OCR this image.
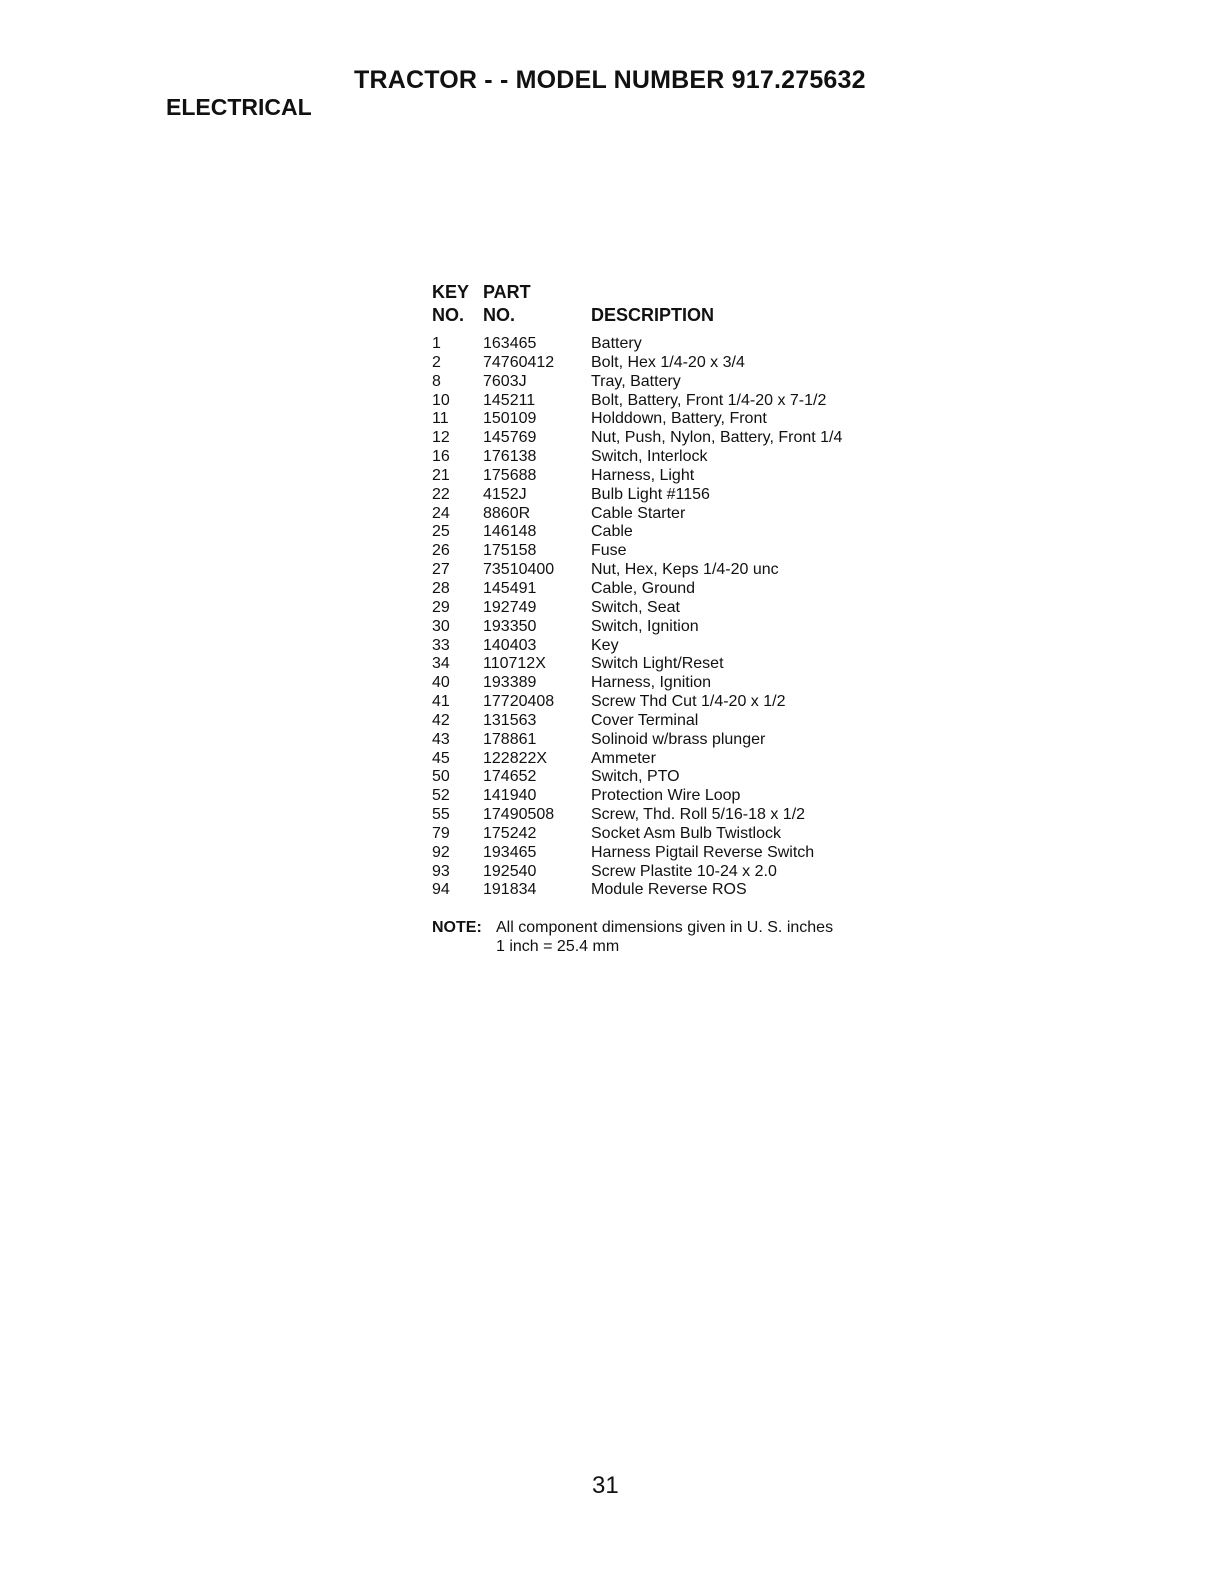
TRACTOR - - MODEL NUMBER 917.275632
ELECTRICAL
KEY
NO.
PART
NO.	DESCRIPTION
1	163465	Battery
2	74760412 Bolt, Hex 1/4-20 x 3/4
8	7603J	Tray, Battery
10 145211	Bolt, Battery, Front 1/4-20 x 7-1/2
11 150109	Holddown, Battery, Front
12 145769	Nut, Push, Nylon, Battery, Front 1/4
16 176138	Switch, Interlock
21 175688	Harness, Light
22 4152J	Bulb Light #1156
24 8860R	Cable Starter
25 146148	Cable
26 175158	Fuse
27 73510400 Nut, Hex, Keps 1/4-20 unc
28 145491	Cable, Ground
29 192749	Switch, Seat
30 193350	Switch, Ignition
33 140403	Key
34 110712X	Switch Light/Reset
40 193389	Harness, Ignition
41 17720408 Screw Thd Cut 1/4-20 x 1/2
42 131563	Cover Terminal
43 178861	Solinoid w/brass plunger
45 122822X	Ammeter
50 174652	Switch, PTO
52 141940	Protection Wire Loop
55 17490508 Screw, Thd. Roll 5/16-18 x 1/2
79 175242	Socket Asm Bulb Twistlock
92 193465	Harness Pigtail Reverse Switch
93 192540	Screw Plastite 10-24 x 2.0
94 191834	Module Reverse ROS
NOTE: All component dimensions given in U. S. inches 1 inch = 25.4 mm
31
